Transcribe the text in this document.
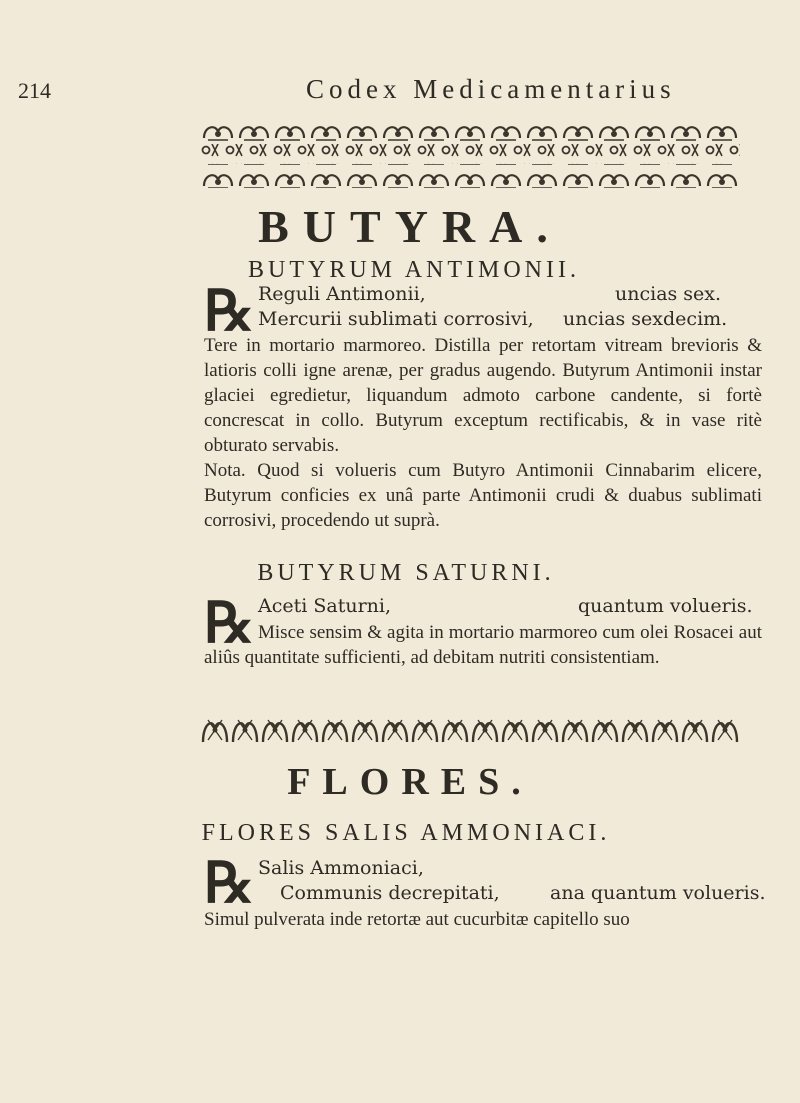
214	Codex Medicamentarius
BUTYRA.
BUTYRUM ANTIMONII.
℞ Reguli Antimonii,	uncias sex.
Mercurii sublimati corrosivi, uncias sexdecim.
Tere in mortario marmoreo. Distilla per retortam vitream brevioris & latioris colli igne arenæ, per gradus augendo. Butyrum Antimonii instar glaciei egredietur, liquandum admoto carbone candente, si fortè concrescat in collo. Butyrum exceptum rectificabis, & in vase ritè obturato servabis.
Nota. Quod si volueris cum Butyro Antimonii Cinnabarim elicere, Butyrum conficies ex unâ parte Antimonii crudi & duabus sublimati corrosivi, procedendo ut suprà.
BUTYRUM SATURNI.
℞ Aceti Saturni,	quantum volueris.
Misce sensim & agita in mortario marmoreo cum olei Rosacei aut aliûs quantitate sufficienti, ad debitam nutriti consistentiam.
FLORES.
FLORES SALIS AMMONIACI.
℞ Salis Ammoniaci,
Communis decrepitati,	ana quantum volueris.
Simul pulverata inde retortæ aut cucurbitæ capitello suo
